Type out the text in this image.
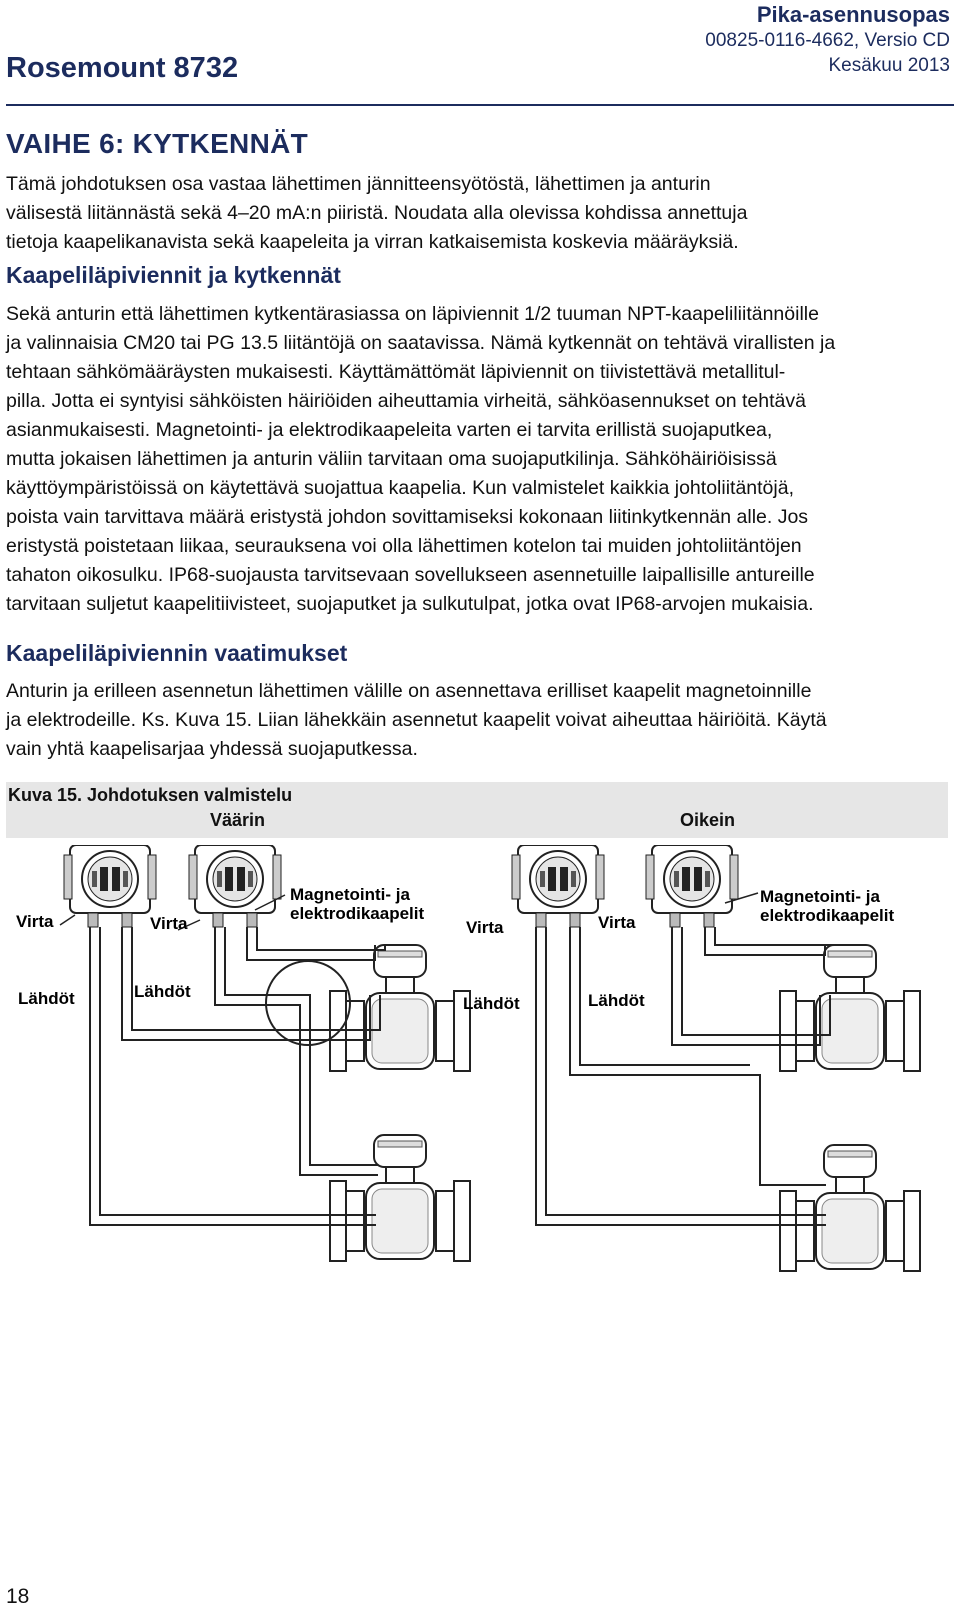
Rosemount 8732
Pika-asennusopas
00825-0116-4662, Versio CD
Kesäkuu 2013
VAIHE 6: KYTKENNÄT

Tämä johdotuksen osa vastaa lähettimen jännitteensyötöstä, lähettimen ja anturin

välisestä liitännästä sekä 4–20 mA:n piiristä. Noudata alla olevissa kohdissa annettuja

tietoja kaapelikanavista sekä kaapeleita ja virran katkaisemista koskevia määräyksiä.

Kaapeliläpiviennit ja kytkennät

Sekä anturin että lähettimen kytkentärasiassa on läpiviennit 1/2 tuuman NPT-kaapeliliitännöille

ja valinnaisia CM20 tai PG 13.5 liitäntöjä on saatavissa. Nämä kytkennät on tehtävä virallisten ja

tehtaan sähkömääräysten mukaisesti. Käyttämättömät läpiviennit on tiivistettävä metallitul-

pilla. Jotta ei syntyisi sähköisten häiriöiden aiheuttamia virheitä, sähköasennukset on tehtävä

asianmukaisesti. Magnetointi- ja elektrodikaapeleita varten ei tarvita erillistä suojaputkea,

mutta jokaisen lähettimen ja anturin väliin tarvitaan oma suojaputkilinja. Sähköhäiriöisissä

käyttöympäristöissä on käytettävä suojattua kaapelia. Kun valmistelet kaikkia johtoliitäntöjä,

poista vain tarvittava määrä eristystä johdon sovittamiseksi kokonaan liitinkytkennän alle. Jos

eristystä poistetaan liikaa, seurauksena voi olla lähettimen kotelon tai muiden johtoliitäntöjen

tahaton oikosulku. IP68-suojausta tarvitsevaan sovellukseen asennetuille laipallisille antureille

tarvitaan suljetut kaapelitiivisteet, suojaputket ja sulkutulpat, jotka ovat IP68-arvojen mukaisia.

Kaapeliläpiviennin vaatimukset

Anturin ja erilleen asennetun lähettimen välille on asennettava erilliset kaapelit magnetoinnille

ja elektrodeille. Ks. Kuva 15. Liian lähekkäin asennetut kaapelit voivat aiheuttaa häiriöitä. Käytä

vain yhtä kaapelisarjaa yhdessä suojaputkessa.

Kuva 15. Johdotuksen valmistelu
Väärin	Oikein
Virta	Virta
Magnetointi- ja
elektrodikaapelit
Lähdöt	Lähdöt
Virta	Virta
Magnetointi- ja
elektrodikaapelit
Lähdöt	Lähdöt
18
